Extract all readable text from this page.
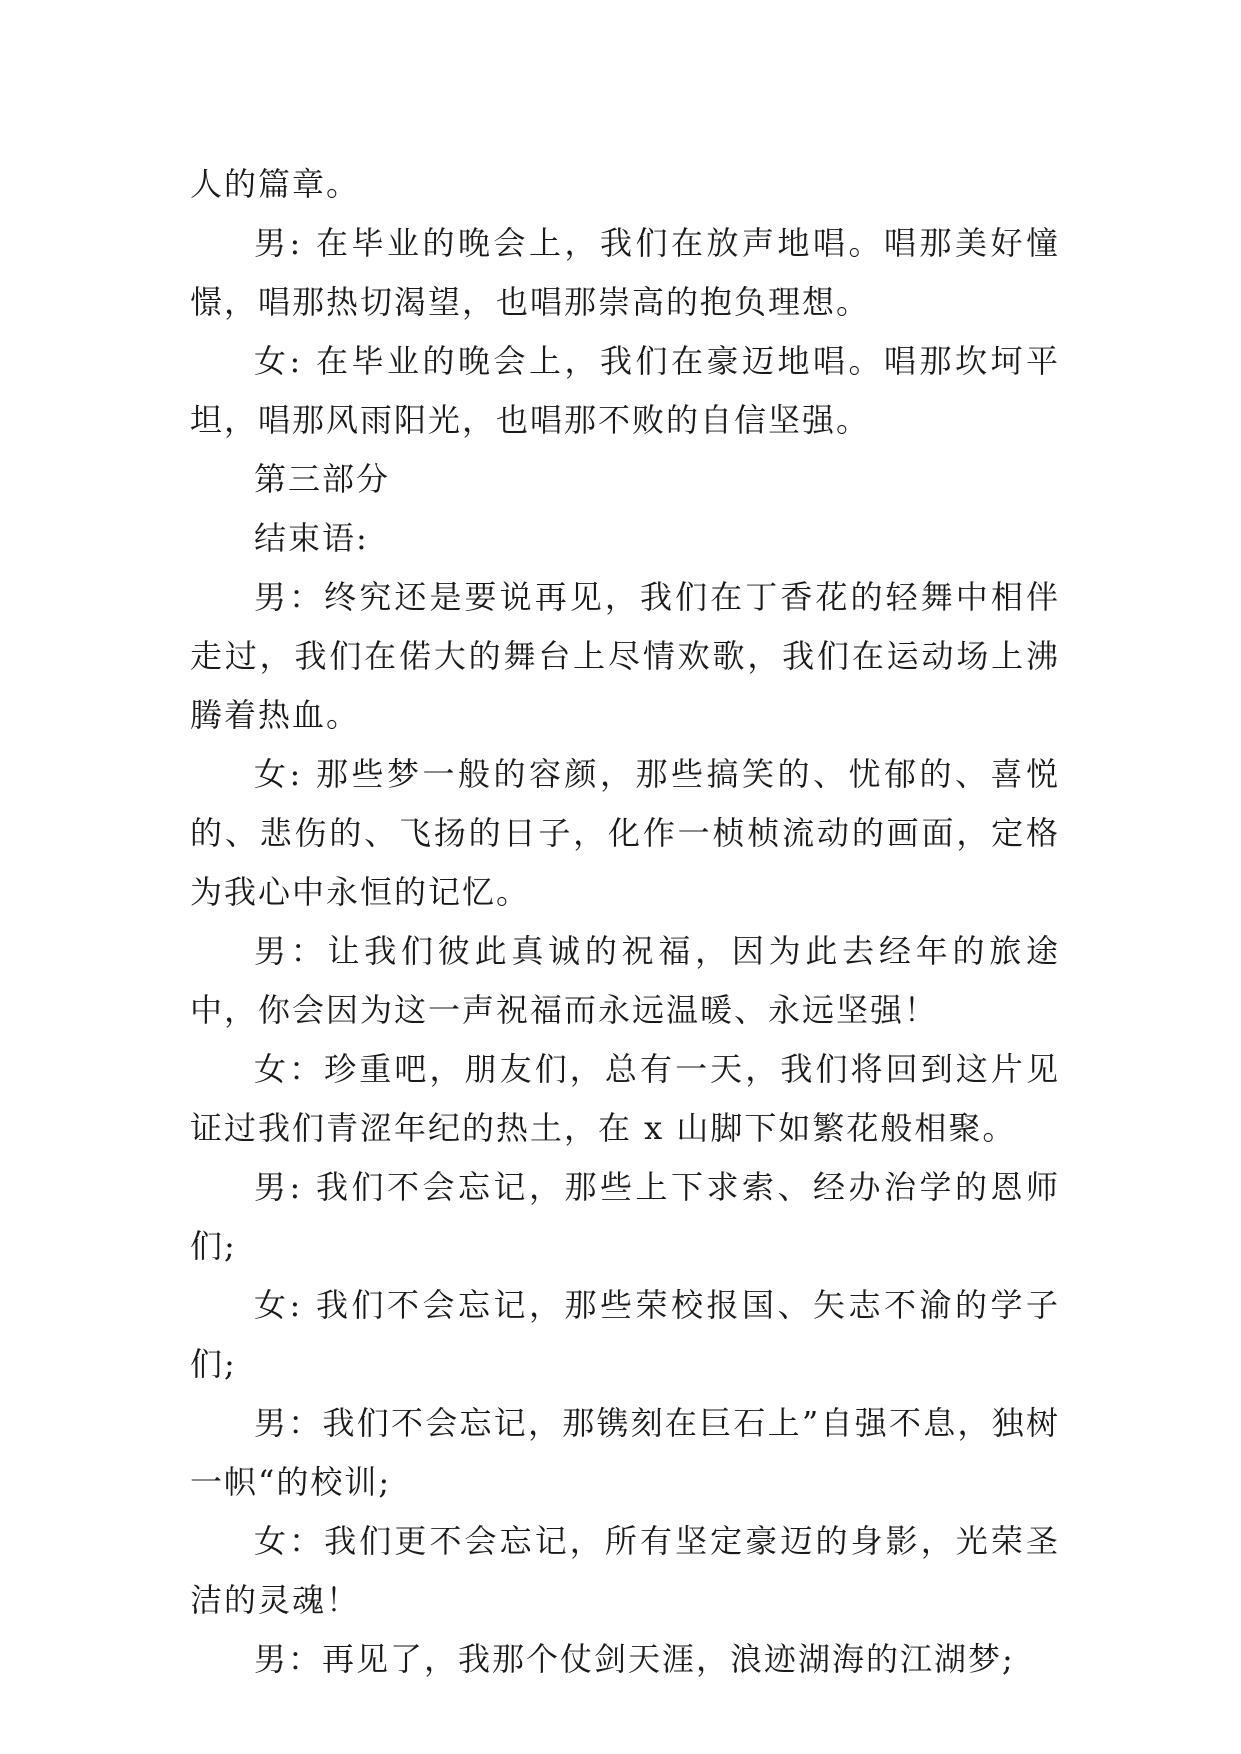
人的篇章。

男: 在毕业的晚会上，我们在放声地唱。唱那美好憧憬，唱那热切渴望，也唱那崇高的抱负理想。

女: 在毕业的晚会上，我们在豪迈地唱。唱那坎坷平坦，唱那风雨阳光，也唱那不败的自信坚强。

第三部分

结束语:

男：终究还是要说再见，我们在丁香花的轻舞中相伴走过，我们在偌大的舞台上尽情欢歌，我们在运动场上沸腾着热血。

女: 那些梦一般的容颜，那些搞笑的、忧郁的、喜悦的、悲伤的、飞扬的日子，化作一桢桢流动的画面，定格为我心中永恒的记忆。

男：让我们彼此真诚的祝福，因为此去经年的旅途中，你会因为这一声祝福而永远温暖、永远坚强！

女：珍重吧，朋友们，总有一天，我们将回到这片见证过我们青涩年纪的热土，在 x 山脚下如繁花般相聚。

男: 我们不会忘记，那些上下求索、经办治学的恩师们;

女: 我们不会忘记，那些荣校报国、矢志不渝的学子们;

男：我们不会忘记，那镌刻在巨石上”自强不息，独树一帜“的校训;

女：我们更不会忘记，所有坚定豪迈的身影，光荣圣洁的灵魂！

男：再见了，我那个仗剑天涯，浪迹湖海的江湖梦;
